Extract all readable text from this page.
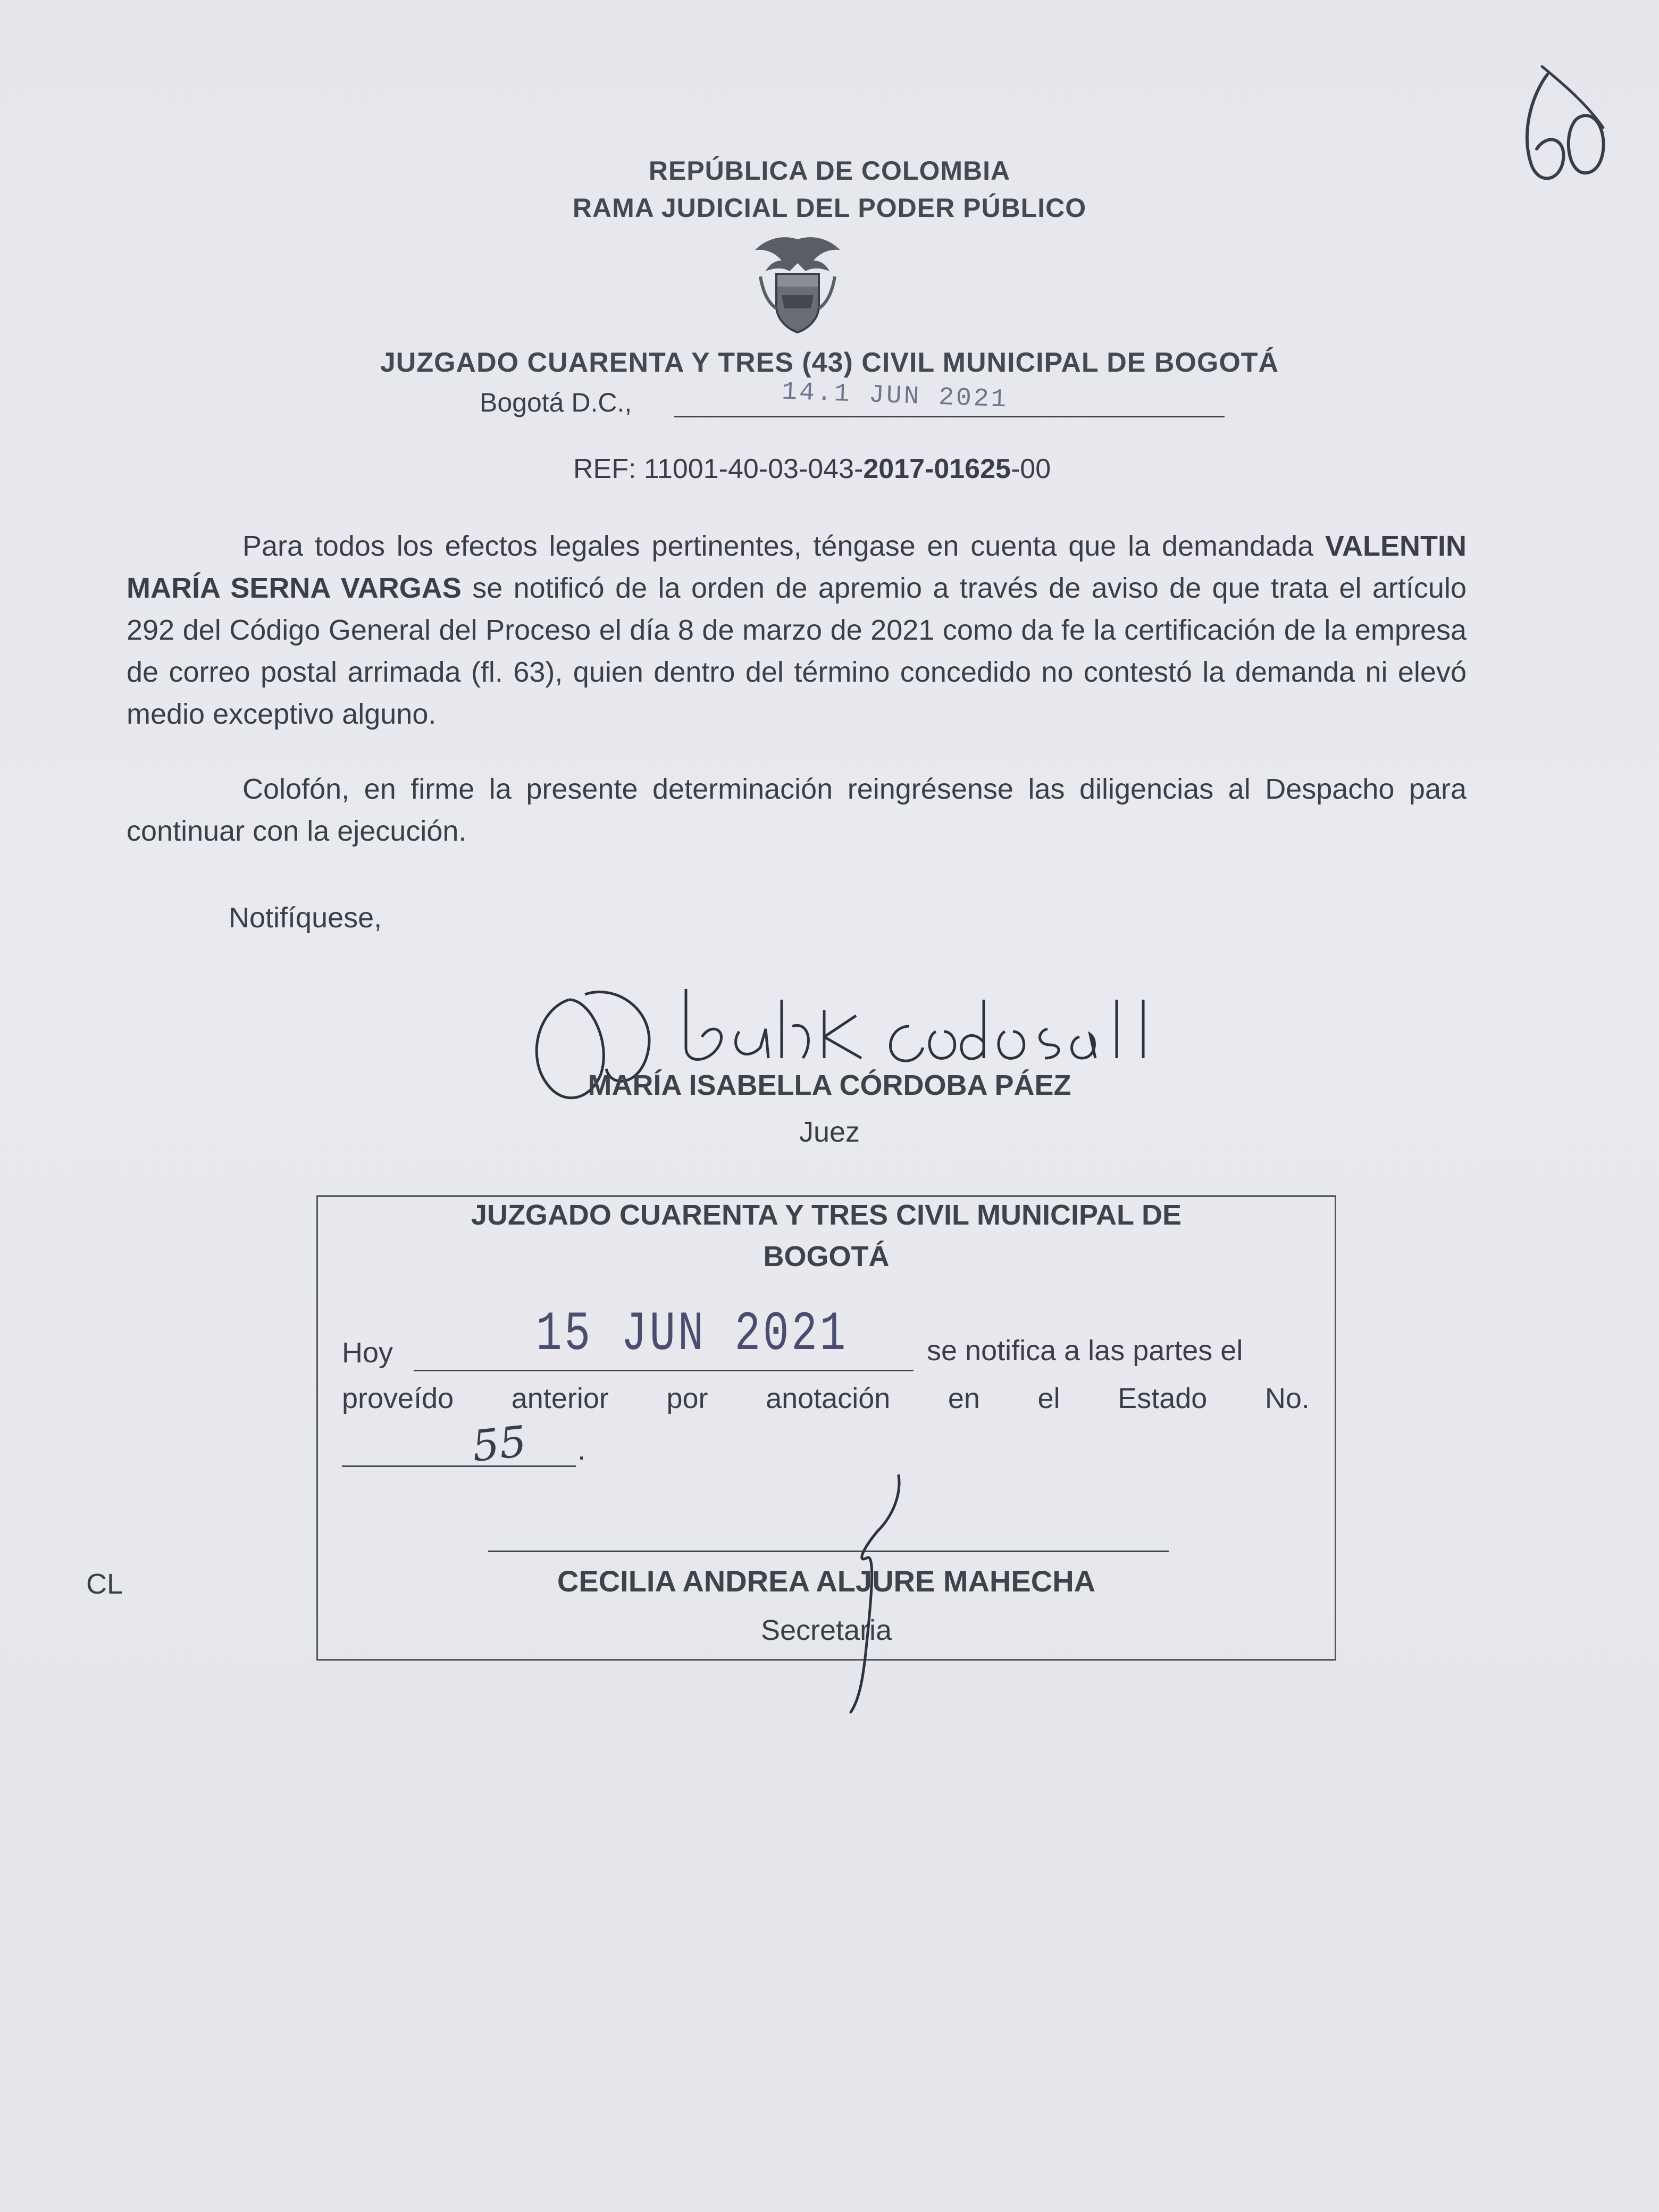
REPÚBLICA DE COLOMBIA
RAMA JUDICIAL DEL PODER PÚBLICO
JUZGADO CUARENTA Y TRES (43) CIVIL MUNICIPAL DE BOGOTÁ
Bogotá D.C.,	14.1 JUN 2021
REF: 11001-40-03-043-2017-01625-00
Para todos los efectos legales pertinentes, téngase en cuenta que la demandada VALENTIN MARÍA SERNA VARGAS se notificó de la orden de apremio a través de aviso de que trata el artículo 292 del Código General del Proceso el día 8 de marzo de 2021 como da fe la certificación de la empresa de correo postal arrimada (fl. 63), quien dentro del término concedido no contestó la demanda ni elevó medio exceptivo alguno.
Colofón, en firme la presente determinación reingrésense las diligencias al Despacho para continuar con la ejecución.
Notifíquese,
MARÍA ISABELLA CÓRDOBA PÁEZ
Juez
CL
JUZGADO CUARENTA Y TRES CIVIL MUNICIPAL DE
BOGOTÁ
Hoy	15 JUN 2021	se notifica a las partes el
proveído anterior por anotación en el Estado No.
.
55
CECILIA ANDREA ALJURE MAHECHA
Secretaria
